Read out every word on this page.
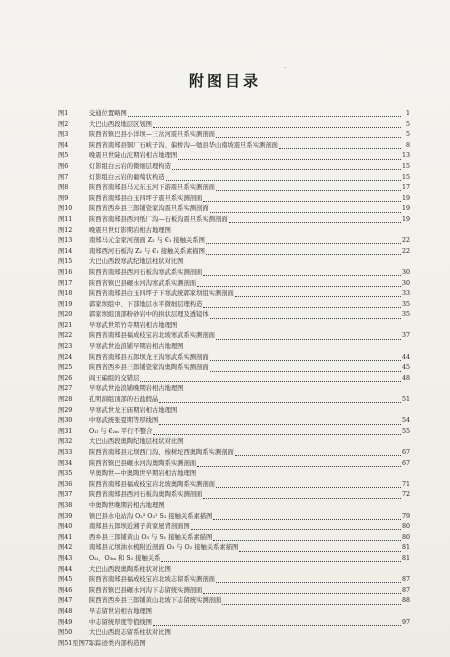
·
附图目录
图1	交通位置略图	1
图2	大巴山西段地层区划图	5
图3	陕西省镇巴县小洋坝—三岔河震旦系实测剖面	5
图4	陕西省南郑县铜厂石峡子沟、偏桥沟—勉县华山南坡震旦系实测剖面	8
图5	晚震旦世陡山沱期岩相古地理图	13
图6	灯影组白云岩的微细层理构造	15
图7	灯影组白云岩的葡萄状构造	15
图8	陕西省南郑县马元东玉河下游震旦系实测剖面	17
图9	陕西省南郑县白玉四坪子震旦系实测剖面	19
图10	陕西省西乡县三郎铺瓷家沟震旦系实测剖面	19
图11	陕西省南郑县西河纸厂沟—石板沟震旦系实测剖面	19
图12	晚震旦世灯影期岩相古地理图
图13	南郑马元金家河剖面 Z₂ 与 €₁ 接触关系图	22
图14	南郑西河石板沟 Z₂ 与 €₁ 接触关系素描图	22
图15	大巴山西段寒武纪地层柱状对比图
图16	陕西省南郑县西河石板沟寒武系实测剖面	30
图17	陕西省镇巴县碾水河沟寒武系实测剖面	30
图18	陕西省南郑县白玉四坪子下寒武统郭家坝组实测剖面	33
图19	郭家坝组中、下部地层水平微细层理构造	35
图20	郭家坝组顶部粉砂岩中的拱状层理及透镜体	35
图21	早寒武世筇竹寺期岩相古地理图
图22	陕西省南郑县福成枝宝岩北坡寒武系实测剖面	37
图23	早寒武世沧浪铺早期岩相古地理图
图24	陕西省南郑县五郎坝龙王沟寒武系实测剖面	44
图25	陕西省西乡县三郎铺瓷家沟奥陶系实测剖面	45
图26	阎王碥组的交错层	48
图27	早寒武世沧浪铺晚期岩相古地理图
图28	孔明洞组顶部的石盐假晶	51
图29	早寒武世龙王庙期岩相古地理图
图30	中寒武统张夏期等厚线图	54
图31	O₁ₗ 与 €₂ₘ 平行不整合	55
图32	大巴山西段奥陶纪地层柱状对比图
图33	陕西省南郑县元坝西门沟、梭树坨西奥陶系实测剖面	67
图34	陕西省镇巴县碾水河沟奥陶系实测剖面	67
图35	早奥陶世—中奥陶世早期岩相古地理图
图36	陕西省南郑县福成枝宝岩北坡奥陶系实测剖面	71
图37	陕西省南郑县西河石板沟奥陶系实测剖面	72
图38	中奥陶世晚期岩相古地理图
图39	镇巴县水电站沟 O₂³ O₃¹ S₁ 接触关系素描图	79
图40	南郑县五郎坝近湘子黄家屋背剖面图	80
图41	西乡县三郎铺黄山 O₃ 与 S₁ 接触关系素描图	80
图42	南郑县元坝油水梳附近剖面 O₃ 与 O₂ 接触关系素描图	81
图43	O₂ₜ、O₃ₘ 和 S₁ 接触关系	81
图44	大巴山西段奥陶系柱状对比图
图45	陕西省南郑县福成枝宝岩北坡志留系实测剖面	87
图46	陕西省镇巴县碾水河沟下志留统实测剖面	87
图47	陕西省西乡县三郎铺黄山北坡下志留统实测剖面	88
图48	早志留世岩相古地理图
图49	中志留统厚度等值线图	97
图50	大巴山西段志留系柱状对比图
图51至图75
示踪迹类内部构造图
